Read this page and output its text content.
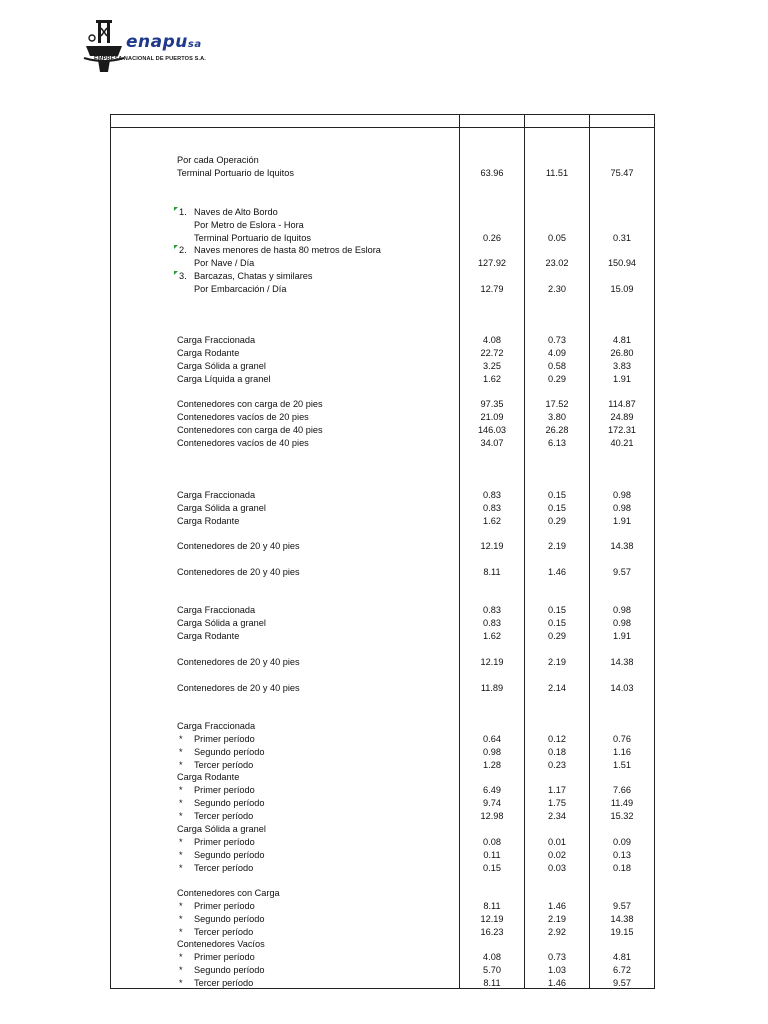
enapusa
EMPRESA NACIONAL DE PUERTOS S.A.
Por cada Operación
Terminal Portuario de Iquitos	63.96	11.51	75.47
1. Naves de Alto Bordo
Por Metro de Eslora - Hora
Terminal Portuario de Iquitos	0.26	0.05	0.31
2. Naves menores de hasta 80 metros de Eslora
Por Nave / Día	127.92	23.02	150.94
3. Barcazas, Chatas y similares
Por Embarcación / Día	12.79	2.30	15.09
Carga Fraccionada	4.08	0.73	4.81
Carga Rodante	22.72	4.09	26.80
Carga Sólida a granel	3.25	0.58	3.83
Carga Líquida a granel	1.62	0.29	1.91
Contenedores con carga de 20 pies	97.35	17.52	114.87
Contenedores vacíos de 20 pies	21.09	3.80	24.89
Contenedores con carga de 40 pies	146.03	26.28	172.31
Contenedores vacíos de 40 pies	34.07	6.13	40.21
Carga Fraccionada	0.83	0.15	0.98
Carga Sólida a granel	0.83	0.15	0.98
Carga Rodante	1.62	0.29	1.91
Contenedores de 20 y 40 pies	12.19	2.19	14.38
Contenedores de 20 y 40 pies	8.11	1.46	9.57
Carga Fraccionada	0.83	0.15	0.98
Carga Sólida a granel	0.83	0.15	0.98
Carga Rodante	1.62	0.29	1.91
Contenedores de 20 y 40 pies	12.19	2.19	14.38
Contenedores de 20 y 40 pies	11.89	2.14	14.03
Carga Fraccionada
* Primer período	0.64	0.12	0.76
* Segundo período	0.98	0.18	1.16
* Tercer período	1.28	0.23	1.51
Carga Rodante
* Primer período	6.49	1.17	7.66
* Segundo período	9.74	1.75	11.49
* Tercer período	12.98	2.34	15.32
Carga Sólida a granel
* Primer período	0.08	0.01	0.09
* Segundo período	0.11	0.02	0.13
* Tercer período	0.15	0.03	0.18
Contenedores con Carga
* Primer período	8.11	1.46	9.57
* Segundo período	12.19	2.19	14.38
* Tercer período	16.23	2.92	19.15
Contenedores Vacíos
* Primer período	4.08	0.73	4.81
* Segundo período	5.70	1.03	6.72
* Tercer período	8.11	1.46	9.57
